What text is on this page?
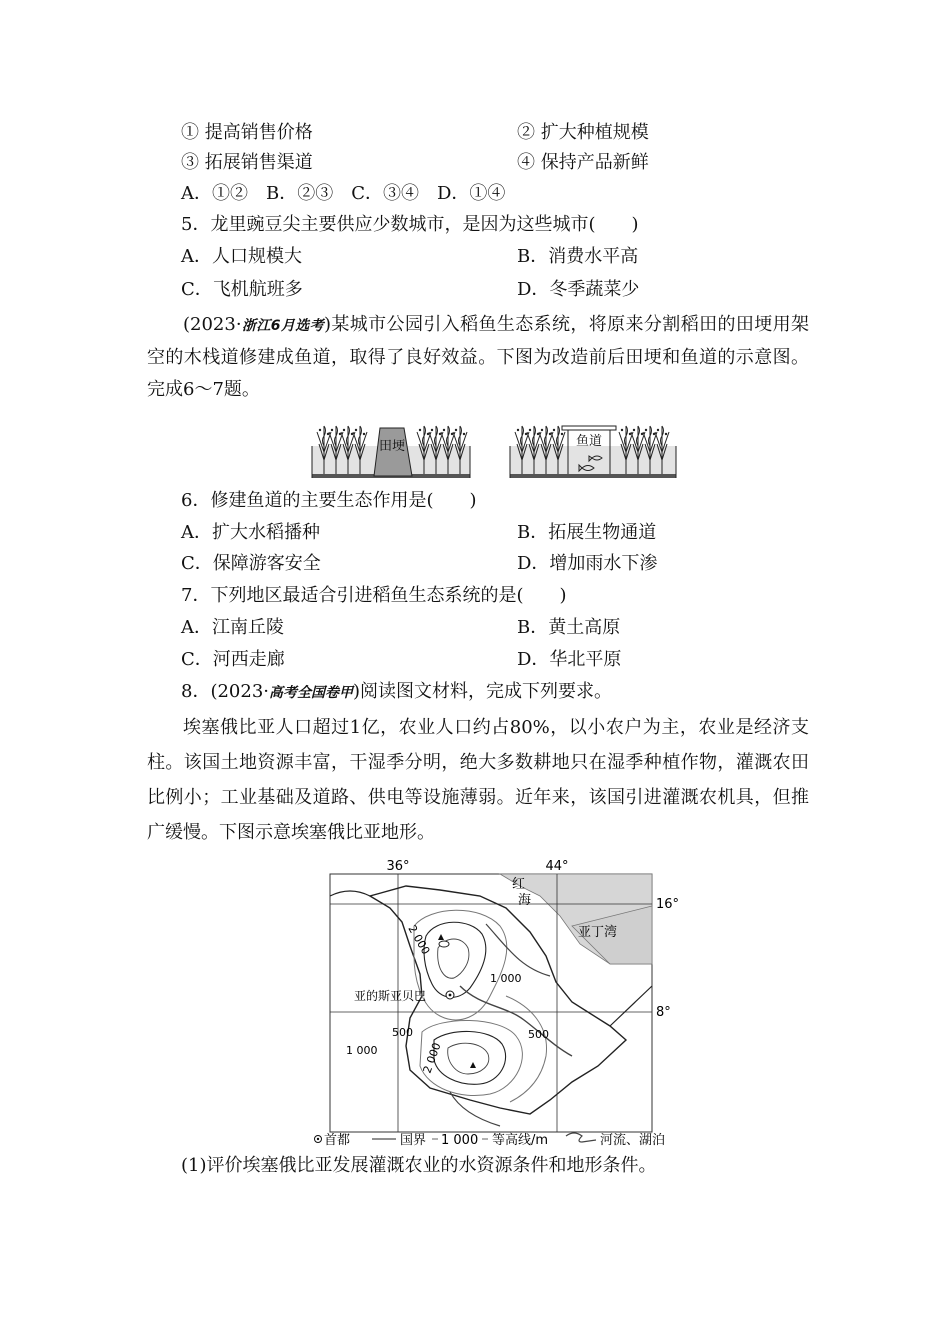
① 提高销售价格	② 扩大种植规模
③ 拓展销售渠道	④ 保持产品新鲜
A．①②　B．②③　C．③④　D．①④
5．龙里豌豆尖主要供应少数城市，是因为这些城市(　　)
A．人口规模大	B．消费水平高
C．飞机航班多	D．冬季蔬菜少
(2023·浙江6月选考)某城市公园引入稻鱼生态系统，将原来分割稻田的田埂用架空的木栈道修建成鱼道，取得了良好效益。下图为改造前后田埂和鱼道的示意图。完成6～7题。
田埂	鱼道
6．修建鱼道的主要生态作用是(　　)
A．扩大水稻播种	B．拓展生物通道
C．保障游客安全	D．增加雨水下渗
7．下列地区最适合引进稻鱼生态系统的是(　　)
A．江南丘陵	B．黄土高原
C．河西走廊	D．华北平原
8．(2023·高考全国卷甲)阅读图文材料，完成下列要求。
埃塞俄比亚人口超过1亿，农业人口约占80%，以小农户为主，农业是经济支柱。该国土地资源丰富，干湿季分明，绝大多数耕地只在湿季种植作物，灌溉农田比例小；工业基础及道路、供电等设施薄弱。近年来，该国引进灌溉农机具，但推广缓慢。下图示意埃塞俄比亚地形。
36°	44°
16°
8°
红
海
亚丁湾
亚的斯亚贝巴
2 000
1 000
500	500
1 000	2 000
首都	国界 1 000 等高线/m	河流、湖泊
(1)评价埃塞俄比亚发展灌溉农业的水资源条件和地形条件。
